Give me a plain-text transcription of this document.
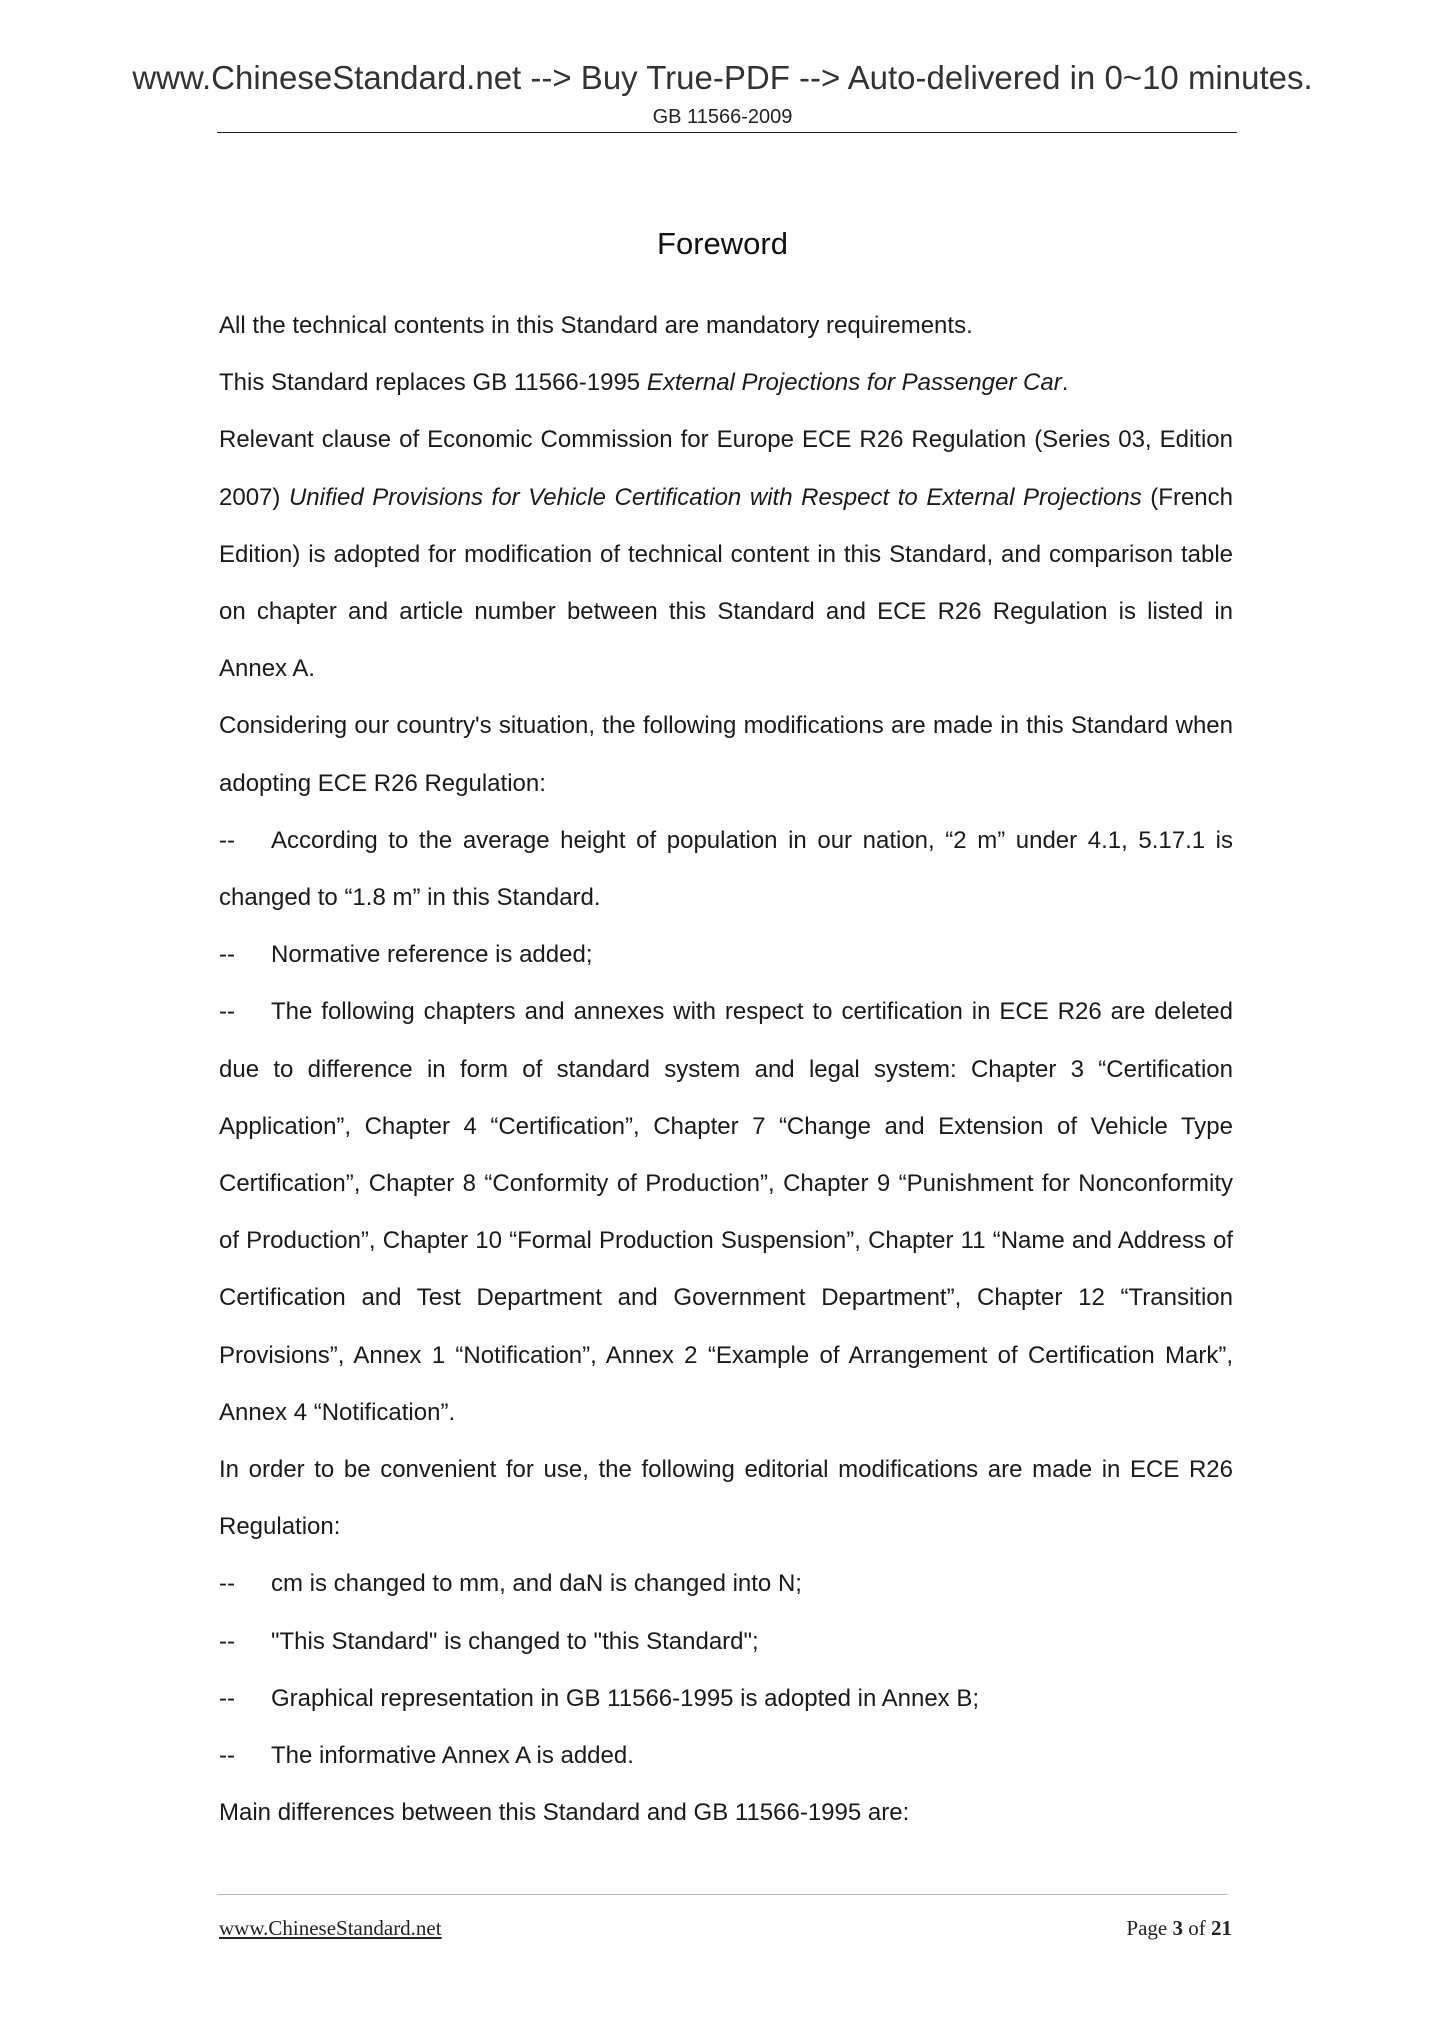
www.ChineseStandard.net --> Buy True-PDF --> Auto-delivered in 0~10 minutes.
GB 11566-2009
Foreword

All the technical contents in this Standard are mandatory requirements.

This Standard replaces GB 11566-1995 External Projections for Passenger Car.

Relevant clause of Economic Commission for Europe ECE R26 Regulation (Series 03, Edition 2007) Unified Provisions for Vehicle Certification with Respect to External Projections (French Edition) is adopted for modification of technical content in this Standard, and comparison table on chapter and article number between this Standard and ECE R26 Regulation is listed in Annex A.

Considering our country's situation, the following modifications are made in this Standard when adopting ECE R26 Regulation:

-- According to the average height of population in our nation, “2 m” under 4.1, 5.17.1 is changed to “1.8 m” in this Standard.

-- Normative reference is added;

-- The following chapters and annexes with respect to certification in ECE R26 are deleted due to difference in form of standard system and legal system: Chapter 3 “Certification Application”, Chapter 4 “Certification”, Chapter 7 “Change and Extension of Vehicle Type Certification”, Chapter 8 “Conformity of Production”, Chapter 9 “Punishment for Nonconformity of Production”, Chapter 10 “Formal Production Suspension”, Chapter 11 “Name and Address of Certification and Test Department and Government Department”, Chapter 12 “Transition Provisions”, Annex 1 “Notification”, Annex 2 “Example of Arrangement of Certification Mark”, Annex 4 “Notification”.

In order to be convenient for use, the following editorial modifications are made in ECE R26 Regulation:

-- cm is changed to mm, and daN is changed into N;

-- "This Standard" is changed to "this Standard";

-- Graphical representation in GB 11566-1995 is adopted in Annex B;

-- The informative Annex A is added.

Main differences between this Standard and GB 11566-1995 are:

www.ChineseStandard.net	Page 3 of 21
